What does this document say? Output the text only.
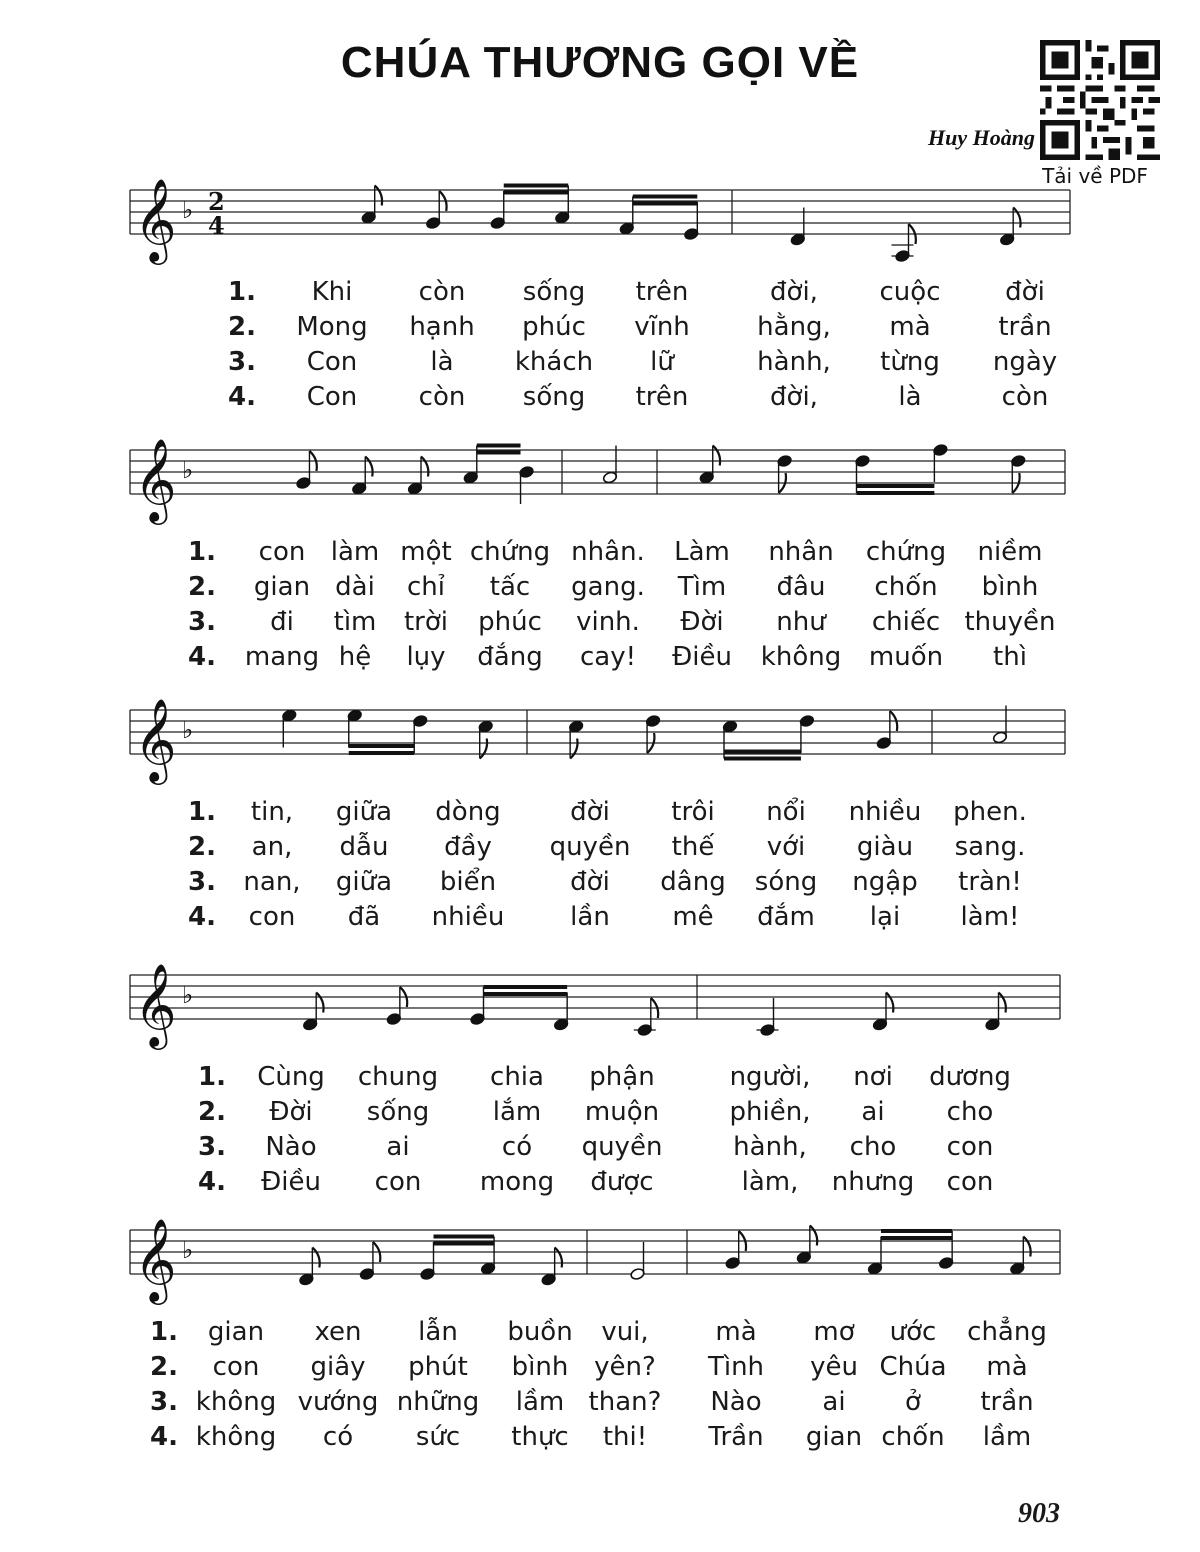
CHÚA THƯƠNG GỌI VỀ
Huy Hoàng
Tải về PDF
𝄞 ♭ 2
4
1. Khi	còn sống trên	đời, cuộc đời
2. Mong hạnh phúc vĩnh	hằng, mà	trần
3. Con	là khách lữ	hành, từng ngày
4. Con còn sống trên	đời,	là	còn
𝄞 ♭
1. con làm một chứng nhân. Làm nhân chứng niềm
2. gian dài chỉ tấc gang. Tìm đâu chốn bình
3. đi tìm trời phúc vinh. Đời như chiếc thuyền
4. mang hệ lụy đắng cay! Điều không muốn thì
𝄞 ♭
1. tin, giữa dòng	đời trôi nổi nhiều phen.
2. an, dẫu đầy quyền thế với giàu sang.
3. nan, giữa biển	đời dâng sóng ngập tràn!
4. con đã nhiều	lần mê đắm lại làm!
𝄞 ♭
1. Cùng chung chia phận	người, nơi dương
2. Đời sống lắm muộn	phiền, ai cho
3. Nào	ai	có quyền	hành, cho con
4. Điều con mong được	làm, nhưng con
𝄞 ♭
1. gian xen lẫn buồn vui,	mà mơ ước chẳng
2. con giây phút bình yên? Tình yêu Chúa mà
3. không vướng những lầm than? Nào ai ở trần
4. không có sức thực thi! Trần gian chốn lầm
903
